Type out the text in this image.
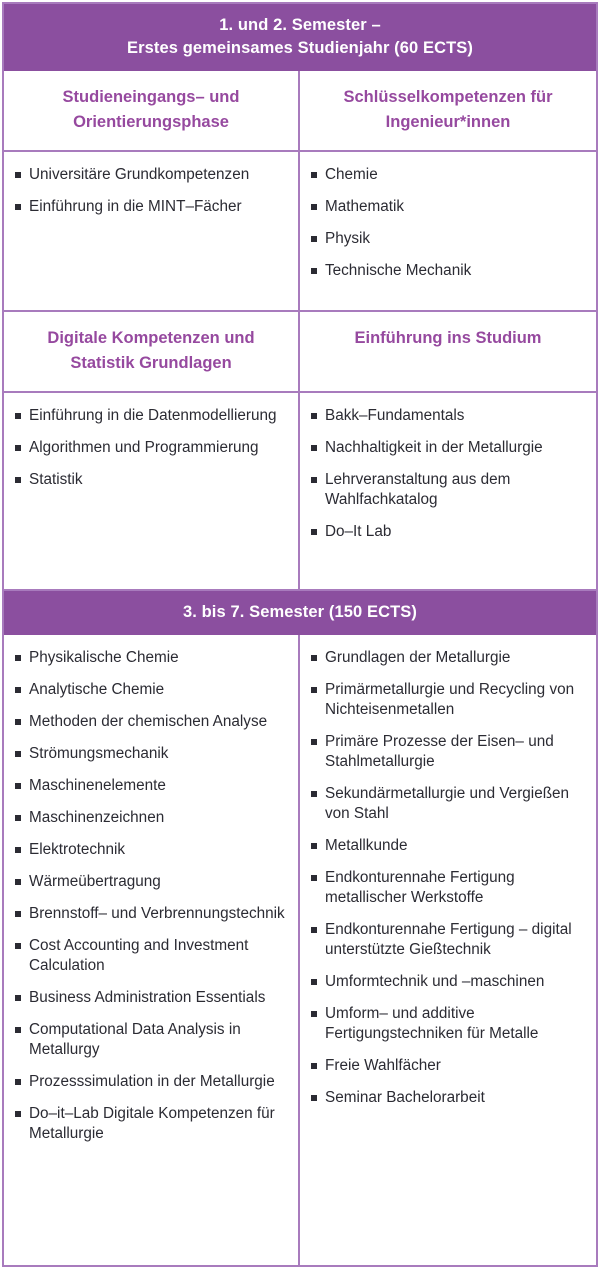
1. und 2. Semester –
Erstes gemeinsames Studienjahr (60 ECTS)
Studieneingangs– und
Orientierungsphase
Schlüsselkompetenzen für
Ingenieur*innen
Universitäre Grundkompetenzen
Einführung in die MINT–Fächer
Chemie
Mathematik
Physik
Technische Mechanik
Digitale Kompetenzen und
Statistik Grundlagen
Einführung ins Studium
Einführung in die Datenmodellierung
Algorithmen und Programmierung
Statistik
Bakk–Fundamentals
Nachhaltigkeit in der Metallurgie
Lehrveranstaltung aus dem Wahlfachkatalog
Do–It Lab
3. bis 7. Semester (150 ECTS)
Physikalische Chemie
Analytische Chemie
Methoden der chemischen Analyse
Strömungsmechanik
Maschinenelemente
Maschinenzeichnen
Elektrotechnik
Wärmeübertragung
Brennstoff– und Verbrennungstechnik
Cost Accounting and Investment Calculation
Business Administration Essentials
Computational Data Analysis in Metallurgy
Prozesssimulation in der Metallurgie
Do–it–Lab Digitale Kompetenzen für Metallurgie
Grundlagen der Metallurgie
Primärmetallurgie und Recycling von Nichteisenmetallen
Primäre Prozesse der Eisen– und Stahlmetallurgie
Sekundärmetallurgie und Vergießen von Stahl
Metallkunde
Endkonturennahe Fertigung metallischer Werkstoffe
Endkonturennahe Fertigung – digital unterstützte Gießtechnik
Umformtechnik und –maschinen
Umform– und additive Fertigungstechniken für Metalle
Freie Wahlfächer
Seminar Bachelorarbeit
